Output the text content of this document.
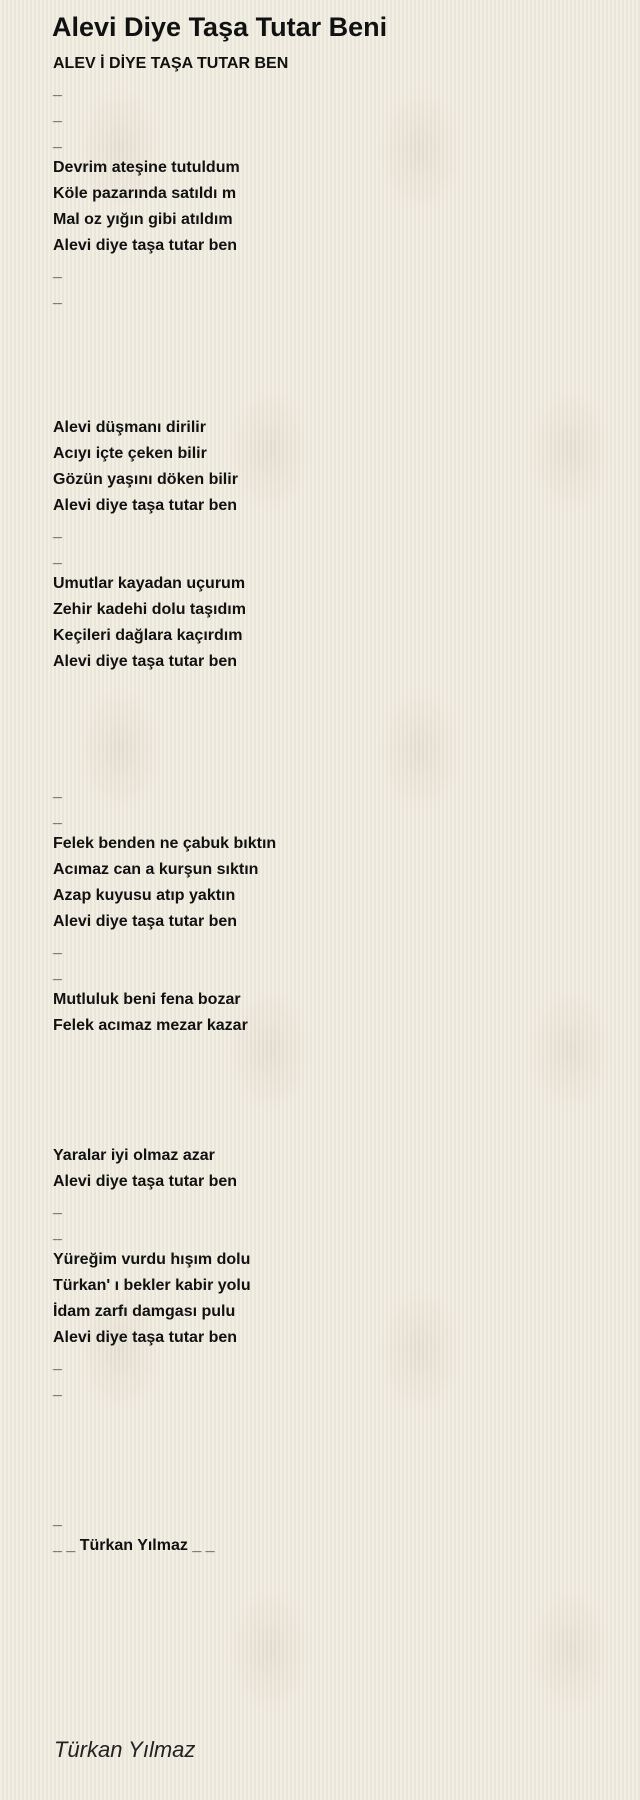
Alevi Diye Taşa Tutar Beni
ALEV İ DİYE TAŞA TUTAR BEN
_
_
_
Devrim ateşine tutuldum
Köle pazarında satıldı m
Mal oz yığın gibi atıldım
Alevi diye taşa tutar ben
_
_
Alevi düşmanı dirilir
Acıyı içte çeken bilir
Gözün yaşını döken bilir
Alevi diye taşa tutar ben
_
_
Umutlar kayadan uçurum
Zehir kadehi dolu taşıdım
Keçileri dağlara kaçırdım
Alevi diye taşa tutar ben
_
_
Felek benden ne çabuk bıktın
Acımaz can a kurşun sıktın
Azap kuyusu atıp yaktın
Alevi diye taşa tutar ben
_
_
Mutluluk beni fena bozar
Felek acımaz mezar kazar
Yaralar iyi olmaz azar
Alevi diye taşa tutar ben
_
_
Yüreğim vurdu hışım dolu
Türkan' ı bekler kabir yolu
İdam zarfı damgası pulu
Alevi diye taşa tutar ben
_
_
_
_ _ Türkan Yılmaz _ _
Türkan Yılmaz
